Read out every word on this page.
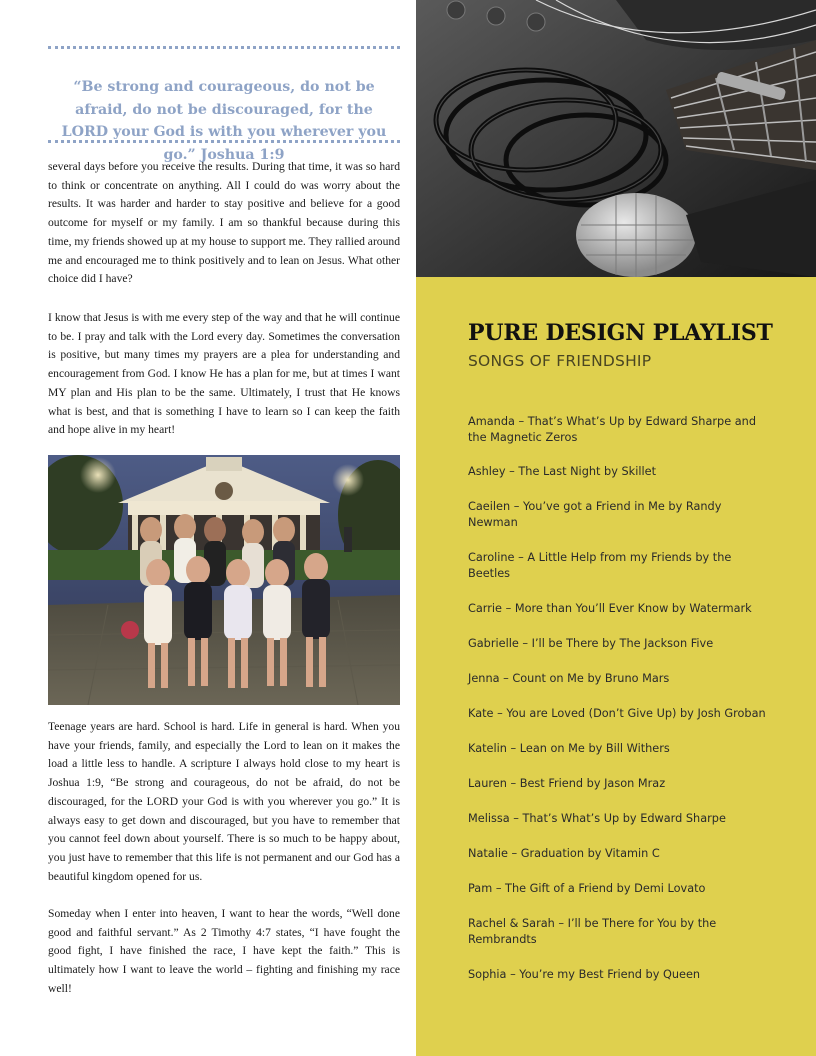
“Be strong and courageous, do not be afraid, do not be discouraged, for the LORD your God is with you wherever you go.” Joshua 1:9

several days before you receive the results. During that time, it was so hard to think or concentrate on anything. All I could do was worry about the results. It was harder and harder to stay positive and believe for a good outcome for myself or my family. I am so thankful because during this time, my friends showed up at my house to support me. They rallied around me and encouraged me to think positively and to lean on Jesus. What other choice did I have?

I know that Jesus is with me every step of the way and that he will continue to be. I pray and talk with the Lord every day. Sometimes the conversation is positive, but many times my prayers are a plea for understanding and encouragement from God. I know He has a plan for me, but at times I want MY plan and His plan to be the same. Ultimately, I trust that He knows what is best, and that is something I have to learn so I can keep the faith and hope alive in my heart!

Teenage years are hard. School is hard. Life in general is hard. When you have your friends, family, and especially the Lord to lean on it makes the load a little less to handle. A scripture I always hold close to my heart is Joshua 1:9, “Be strong and courageous, do not be afraid, do not be discouraged, for the LORD your God is with you wherever you go.” It is always easy to get down and discouraged, but you have to remember that you cannot feel down about yourself. There is so much to be happy about, you just have to remember that this life is not permanent and our God has a beautiful kingdom opened for us.

Someday when I enter into heaven, I want to hear the words, “Well done good and faithful servant.” As 2 Timothy 4:7 states, “I have fought the good fight, I have finished the race, I have kept the faith.” This is ultimately how I want to leave the world – fighting and finishing my race well!

PURE DESIGN PLAYLIST
SONGS OF FRIENDSHIP
Amanda – That’s What’s Up by Edward Sharpe and the Magnetic Zeros
Ashley – The Last Night by Skillet
Caeilen – You’ve got a Friend in Me by Randy Newman
Caroline – A Little Help from my Friends by the Beetles
Carrie – More than You’ll Ever Know by Watermark
Gabrielle – I’ll be There by The Jackson Five
Jenna – Count on Me by Bruno Mars
Kate – You are Loved (Don’t Give Up) by Josh Groban
Katelin – Lean on Me by Bill Withers
Lauren – Best Friend by Jason Mraz
Melissa – That’s What’s Up by Edward Sharpe
Natalie – Graduation by Vitamin C
Pam – The Gift of a Friend by Demi Lovato
Rachel & Sarah – I’ll be There for You by the Rembrandts
Sophia – You’re my Best Friend by Queen
